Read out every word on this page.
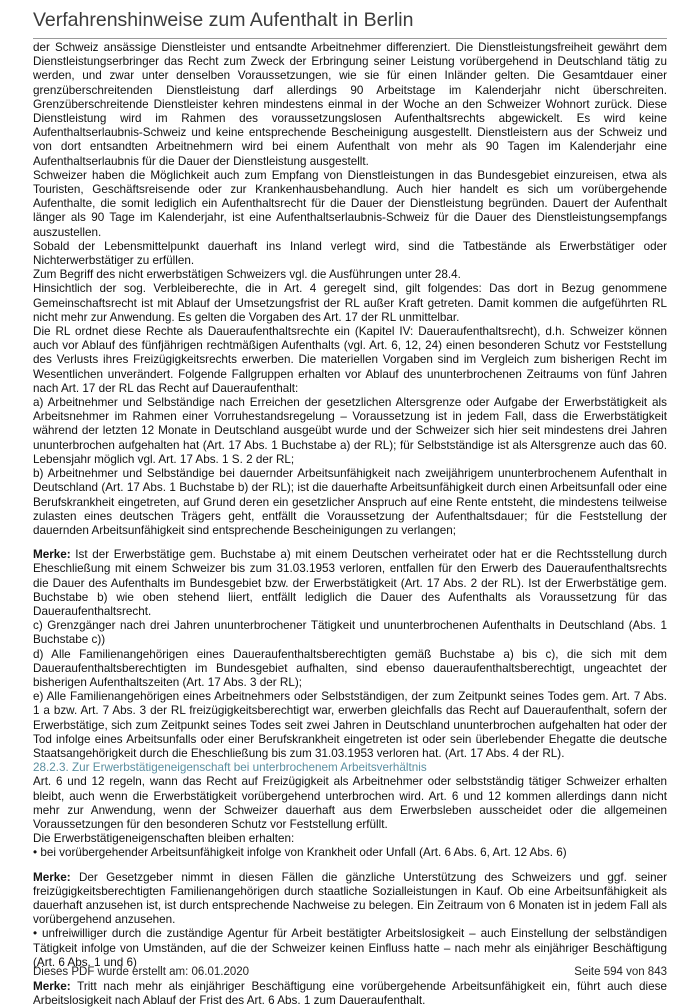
Verfahrenshinweise zum Aufenthalt in Berlin

der Schweiz ansässige Dienstleister und entsandte Arbeitnehmer differenziert. Die Dienstleistungsfreiheit gewährt dem Dienstleistungserbringer das Recht zum Zweck der Erbringung seiner Leistung vorübergehend in Deutschland tätig zu werden, und zwar unter denselben Voraussetzungen, wie sie für einen Inländer gelten. Die Gesamtdauer einer grenzüberschreitenden Dienstleistung darf allerdings 90 Arbeitstage im Kalenderjahr nicht überschreiten. Grenzüberschreitende Dienstleister kehren mindestens einmal in der Woche an den Schweizer Wohnort zurück. Diese Dienstleistung wird im Rahmen des voraussetzungslosen Aufenthaltsrechts abgewickelt. Es wird keine Aufenthaltserlaubnis-Schweiz und keine entsprechende Bescheinigung ausgestellt. Dienstleistern aus der Schweiz und von dort entsandten Arbeitnehmern wird bei einem Aufenthalt von mehr als 90 Tagen im Kalenderjahr eine Aufenthaltserlaubnis für die Dauer der Dienstleistung ausgestellt.

Schweizer haben die Möglichkeit auch zum Empfang von Dienstleistungen in das Bundesgebiet einzureisen, etwa als Touristen, Geschäftsreisende oder zur Krankenhausbehandlung. Auch hier handelt es sich um vorübergehende Aufenthalte, die somit lediglich ein Aufenthaltsrecht für die Dauer der Dienstleistung begründen. Dauert der Aufenthalt länger als 90 Tage im Kalenderjahr, ist eine Aufenthaltserlaubnis-Schweiz für die Dauer des Dienstleistungsempfangs auszustellen.

Sobald der Lebensmittelpunkt dauerhaft ins Inland verlegt wird, sind die Tatbestände als Erwerbstätiger oder Nichterwerbstätiger zu erfüllen.

Zum Begriff des nicht erwerbstätigen Schweizers vgl. die Ausführungen unter 28.4.

Hinsichtlich der sog. Verbleiberechte, die in Art. 4 geregelt sind, gilt folgendes: Das dort in Bezug genommene Gemeinschaftsrecht ist mit Ablauf der Umsetzungsfrist der RL außer Kraft getreten. Damit kommen die aufgeführten RL nicht mehr zur Anwendung. Es gelten die Vorgaben des Art. 17 der RL unmittelbar.

Die RL ordnet diese Rechte als Daueraufenthaltsrechte ein (Kapitel IV: Daueraufenthaltsrecht), d.h. Schweizer können auch vor Ablauf des fünfjährigen rechtmäßigen Aufenthalts (vgl. Art. 6, 12, 24) einen besonderen Schutz vor Feststellung des Verlusts ihres Freizügigkeitsrechts erwerben. Die materiellen Vorgaben sind im Vergleich zum bisherigen Recht im Wesentlichen unverändert. Folgende Fallgruppen erhalten vor Ablauf des ununterbrochenen Zeitraums von fünf Jahren nach Art. 17 der RL das Recht auf Daueraufenthalt:

a) Arbeitnehmer und Selbständige nach Erreichen der gesetzlichen Altersgrenze oder Aufgabe der Erwerbstätigkeit als Arbeitsnehmer im Rahmen einer Vorruhestandsregelung – Voraussetzung ist in jedem Fall, dass die Erwerbstätigkeit während der letzten 12 Monate in Deutschland ausgeübt wurde und der Schweizer sich hier seit mindestens drei Jahren ununterbrochen aufgehalten hat (Art. 17 Abs. 1 Buchstabe a) der RL); für Selbstständige ist als Altersgrenze auch das 60. Lebensjahr möglich vgl. Art. 17 Abs. 1 S. 2 der RL;

b) Arbeitnehmer und Selbständige bei dauernder Arbeitsunfähigkeit nach zweijährigem ununterbrochenem Aufenthalt in Deutschland (Art. 17 Abs. 1 Buchstabe b) der RL); ist die dauerhafte Arbeitsunfähigkeit durch einen Arbeitsunfall oder eine Berufskrankheit eingetreten, auf Grund deren ein gesetzlicher Anspruch auf eine Rente entsteht, die mindestens teilweise zulasten eines deutschen Trägers geht, entfällt die Voraussetzung der Aufenthaltsdauer; für die Feststellung der dauernden Arbeitsunfähigkeit sind entsprechende Bescheinigungen zu verlangen;

Merke: Ist der Erwerbstätige gem. Buchstabe a) mit einem Deutschen verheiratet oder hat er die Rechtsstellung durch Eheschließung mit einem Schweizer bis zum 31.03.1953 verloren, entfallen für den Erwerb des Daueraufenthaltsrechts die Dauer des Aufenthalts im Bundesgebiet bzw. der Erwerbstätigkeit (Art. 17 Abs. 2 der RL). Ist der Erwerbstätige gem. Buchstabe b) wie oben stehend liiert, entfällt lediglich die Dauer des Aufenthalts als Voraussetzung für das Daueraufenthaltsrecht.

c) Grenzgänger nach drei Jahren ununterbrochener Tätigkeit und ununterbrochenen Aufenthalts in Deutschland (Abs. 1 Buchstabe c))

d) Alle Familienangehörigen eines Daueraufenthaltsberechtigten gemäß Buchstabe a) bis c), die sich mit dem Daueraufenthaltsberechtigten im Bundesgebiet aufhalten, sind ebenso daueraufenthaltsberechtigt, ungeachtet der bisherigen Aufenthaltszeiten (Art. 17 Abs. 3 der RL);

e) Alle Familienangehörigen eines Arbeitnehmers oder Selbstständigen, der zum Zeitpunkt seines Todes gem. Art. 7 Abs. 1 a bzw. Art. 7 Abs. 3 der RL freizügigkeitsberechtigt war, erwerben gleichfalls das Recht auf Daueraufenthalt, sofern der Erwerbstätige, sich zum Zeitpunkt seines Todes seit zwei Jahren in Deutschland ununterbrochen aufgehalten hat oder der Tod infolge eines Arbeitsunfalls oder einer Berufskrankheit eingetreten ist oder sein überlebender Ehegatte die deutsche Staatsangehörigkeit durch die Eheschließung bis zum 31.03.1953 verloren hat. (Art. 17 Abs. 4 der RL).

28.2.3. Zur Erwerbstätigeneigenschaft bei unterbrochenem Arbeitsverhältnis

Art. 6 und 12 regeln, wann das Recht auf Freizügigkeit als Arbeitnehmer oder selbstständig tätiger Schweizer erhalten bleibt, auch wenn die Erwerbstätigkeit vorübergehend unterbrochen wird. Art. 6 und 12 kommen allerdings dann nicht mehr zur Anwendung, wenn der Schweizer dauerhaft aus dem Erwerbsleben ausscheidet oder die allgemeinen Voraussetzungen für den besonderen Schutz vor Feststellung erfüllt.

Die Erwerbstätigeneigenschaften bleiben erhalten:

• bei vorübergehender Arbeitsunfähigkeit infolge von Krankheit oder Unfall (Art. 6 Abs. 6, Art. 12 Abs. 6)

Merke: Der Gesetzgeber nimmt in diesen Fällen die gänzliche Unterstützung des Schweizers und ggf. seiner freizügigkeitsberechtigten Familienangehörigen durch staatliche Sozialleistungen in Kauf. Ob eine Arbeitsunfähigkeit als dauerhaft anzusehen ist, ist durch entsprechende Nachweise zu belegen. Ein Zeitraum von 6 Monaten ist in jedem Fall als vorübergehend anzusehen.

• unfreiwilliger durch die zuständige Agentur für Arbeit bestätigter Arbeitslosigkeit – auch Einstellung der selbständigen Tätigkeit infolge von Umständen, auf die der Schweizer keinen Einfluss hatte – nach mehr als einjähriger Beschäftigung (Art. 6 Abs. 1 und 6)

Merke: Tritt nach mehr als einjähriger Beschäftigung eine vorübergehende Arbeitsunfähigkeit ein, führt auch diese Arbeitslosigkeit nach Ablauf der Frist des Art. 6 Abs. 1 zum Daueraufenthalt.

Dieses PDF wurde erstellt am: 06.01.2020	Seite 594 von 843
